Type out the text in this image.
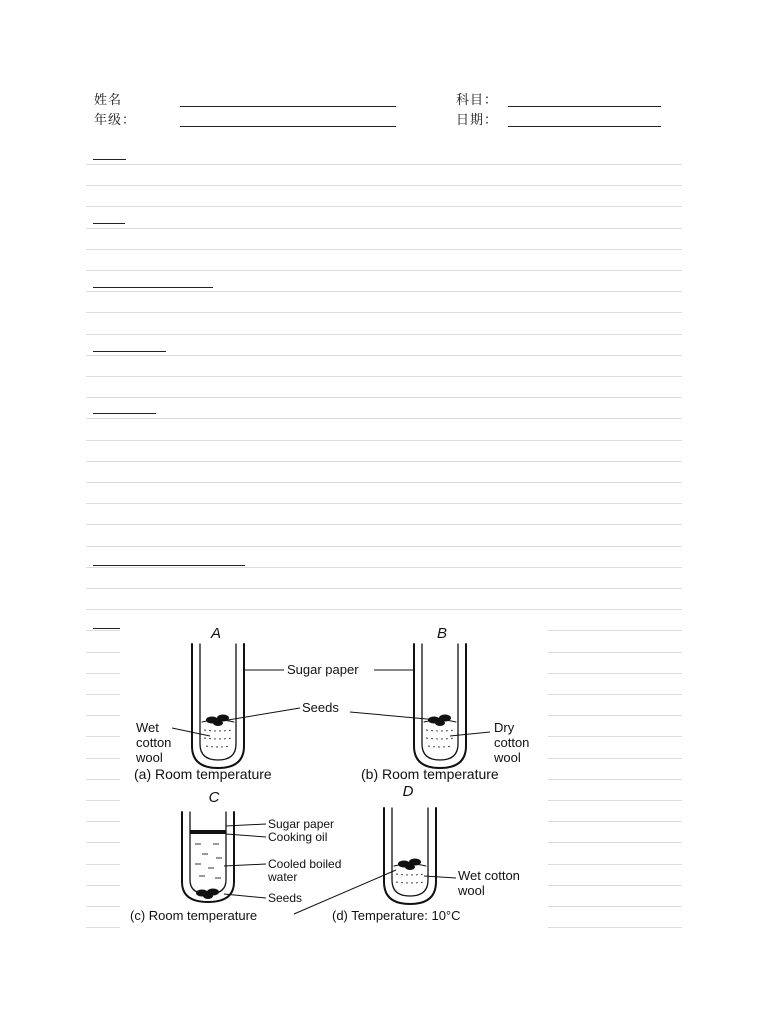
姓名	科目：
年级：	日期：
A	B
C	D
Sugar paper
Seeds
Wet
cotton
wool
Dry
cotton
wool
Sugar paper
Cooking oil
Cooled boiled
water
Seeds
Wet cotton
wool
(a) Room temperature	(b) Room temperature
(c) Room temperature	(d) Temperature: 10°C
